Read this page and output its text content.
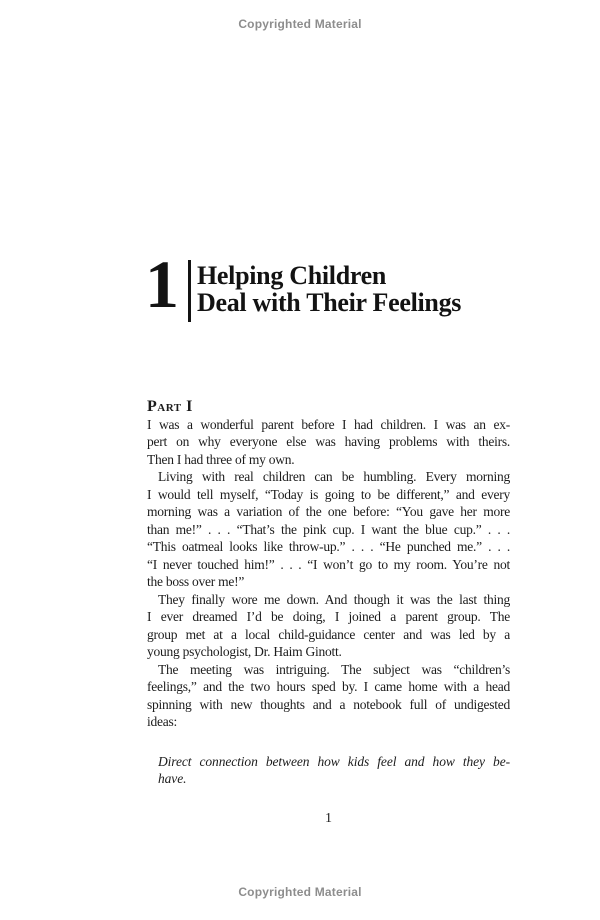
Copyrighted Material
1 Helping Children
Deal with Their Feelings
Part I
I was a wonderful parent before I had children. I was an ex-
pert on why everyone else was having problems with theirs.
Then I had three of my own.
Living with real children can be humbling. Every morning
I would tell myself, “Today is going to be different,” and every
morning was a variation of the one before: “You gave her more
than me!” . . . “That’s the pink cup. I want the blue cup.” . . .
“This oatmeal looks like throw-up.” . . . “He punched me.” . . .
“I never touched him!” . . . “I won’t go to my room. You’re not
the boss over me!”
They finally wore me down. And though it was the last thing
I ever dreamed I’d be doing, I joined a parent group. The
group met at a local child-guidance center and was led by a
young psychologist, Dr. Haim Ginott.
The meeting was intriguing. The subject was “children’s
feelings,” and the two hours sped by. I came home with a head
spinning with new thoughts and a notebook full of undigested
ideas:
Direct connection between how kids feel and how they be-
have.
1
Copyrighted Material
